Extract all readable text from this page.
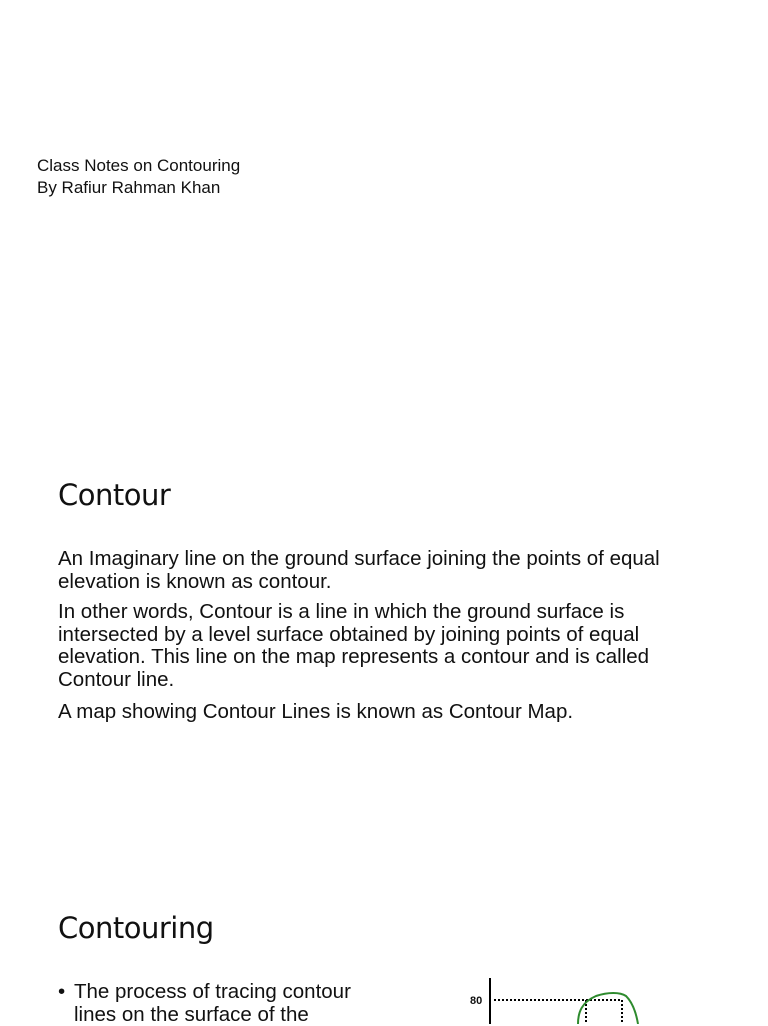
Class Notes on Contouring
By Rafiur Rahman Khan
Contour

An Imaginary line on the ground surface joining the points of equal elevation is known as contour.

In other words, Contour is a line in which the ground surface is intersected by a level surface obtained by joining points of equal elevation. This line on the map represents a contour and is called Contour line.

A map showing Contour Lines is known as Contour Map.

Contouring
• The process of tracing contour lines on the surface of the
80
